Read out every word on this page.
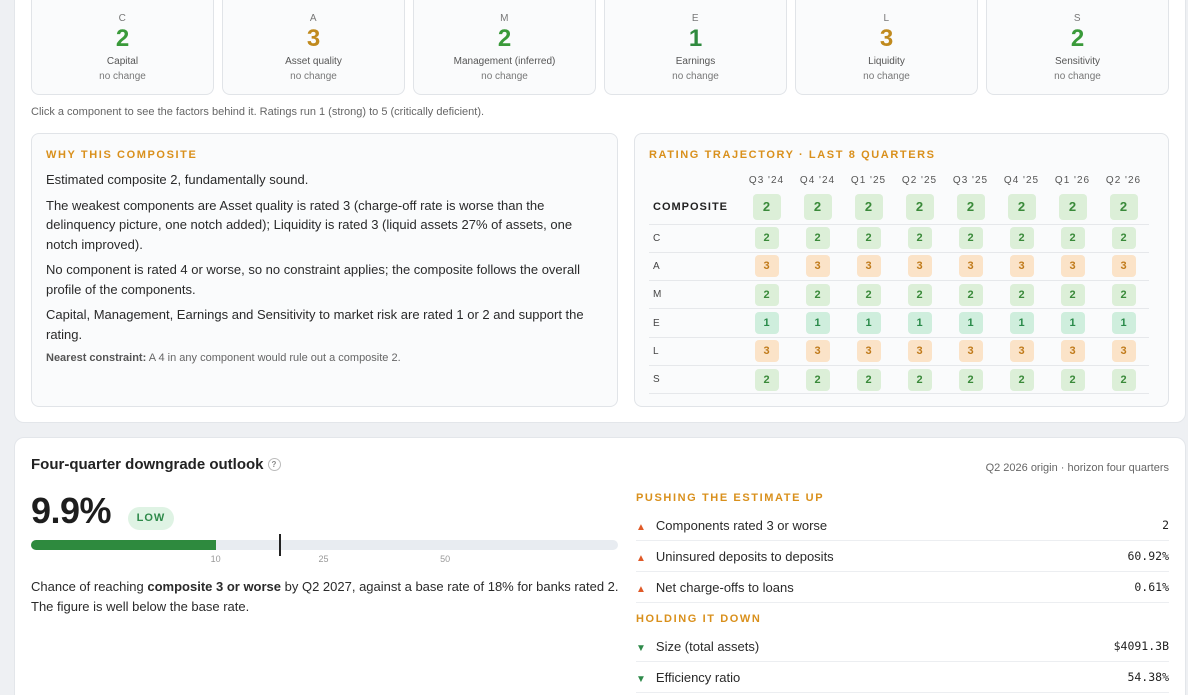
C
2
Capital
no change
A
3
Asset quality
no change
M
2
Management (inferred)
no change
E
1
Earnings
no change
L
3
Liquidity
no change
S
2
Sensitivity
no change
Click a component to see the factors behind it. Ratings run 1 (strong) to 5 (critically deficient).
WHY THIS COMPOSITE

Estimated composite 2, fundamentally sound.

The weakest components are Asset quality is rated 3 (charge-off rate is worse than the delinquency picture, one notch added); Liquidity is rated 3 (liquid assets 27% of assets, one notch improved).

No component is rated 4 or worse, so no constraint applies; the composite follows the overall profile of the components.

Capital, Management, Earnings and Sensitivity to market risk are rated 1 or 2 and support the rating.

Nearest constraint: A 4 in any component would rule out a composite 2.
RATING TRAJECTORY · LAST 8 QUARTERS
	Q3 '24	Q4 '24	Q1 '25	Q2 '25	Q3 '25	Q4 '25	Q1 '26	Q2 '26
COMPOSITE	2	2	2	2	2	2	2	2
C	2	2	2	2	2	2	2	2
A	3	3	3	3	3	3	3	3
M	2	2	2	2	2	2	2	2
E	1	1	1	1	1	1	1	1
L	3	3	3	3	3	3	3	3
S	2	2	2	2	2	2	2	2
Four-quarter downgrade outlook ?	Q2 2026 origin · horizon four quarters
9.9%	LOW
10	25	50
Chance of reaching composite 3 or worse by Q2 2027, against a base rate of 18% for banks rated 2. The figure is well below the base rate.
PUSHING THE ESTIMATE UP
▲ Components rated 3 or worse	2
▲ Uninsured deposits to deposits	60.92%
▲ Net charge-offs to loans	0.61%
HOLDING IT DOWN
▼ Size (total assets)	$4091.3B
▼ Efficiency ratio	54.38%
